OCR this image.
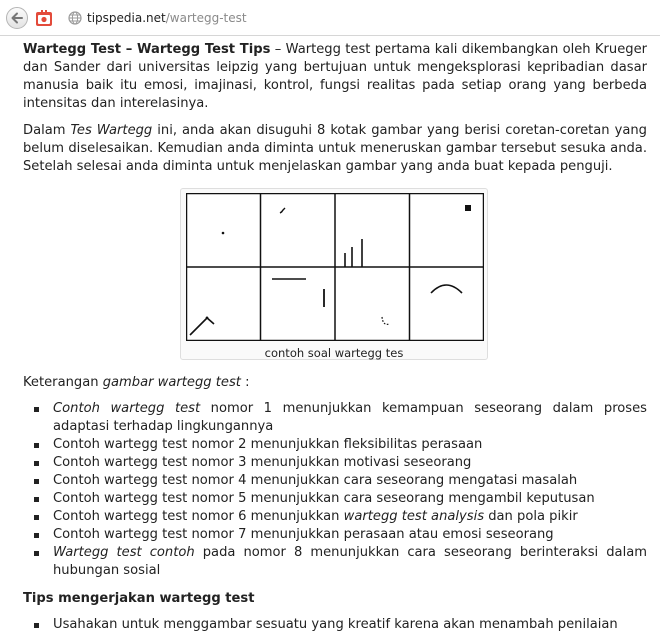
tipspedia.net/wartegg-test

Wartegg Test – Wartegg Test Tips – Wartegg test pertama kali dikembangkan oleh Krueger dan Sander dari universitas leipzig yang bertujuan untuk mengeksplorasi kepribadian dasar manusia baik itu emosi, imajinasi, kontrol, fungsi realitas pada setiap orang yang berbeda intensitas dan interelasinya.

Dalam Tes Wartegg ini, anda akan disuguhi 8 kotak gambar yang berisi coretan-coretan yang belum diselesaikan. Kemudian anda diminta untuk meneruskan gambar tersebut sesuka anda. Setelah selesai anda diminta untuk menjelaskan gambar yang anda buat kepada penguji.

contoh soal wartegg tes

Keterangan gambar wartegg test :

Contoh wartegg test nomor 1 menunjukkan kemampuan seseorang dalam proses adaptasi terhadap lingkungannya
Contoh wartegg test nomor 2 menunjukkan fleksibilitas perasaan
Contoh wartegg test nomor 3 menunjukkan motivasi seseorang
Contoh wartegg test nomor 4 menunjukkan cara seseorang mengatasi masalah
Contoh wartegg test nomor 5 menunjukkan cara seseorang mengambil keputusan
Contoh wartegg test nomor 6 menunjukkan wartegg test analysis dan pola pikir
Contoh wartegg test nomor 7 menunjukkan perasaan atau emosi seseorang
Wartegg test contoh pada nomor 8 menunjukkan cara seseorang berinteraksi dalam hubungan sosial

Tips mengerjakan wartegg test

Usahakan untuk menggambar sesuatu yang kreatif karena akan menambah penilaian
